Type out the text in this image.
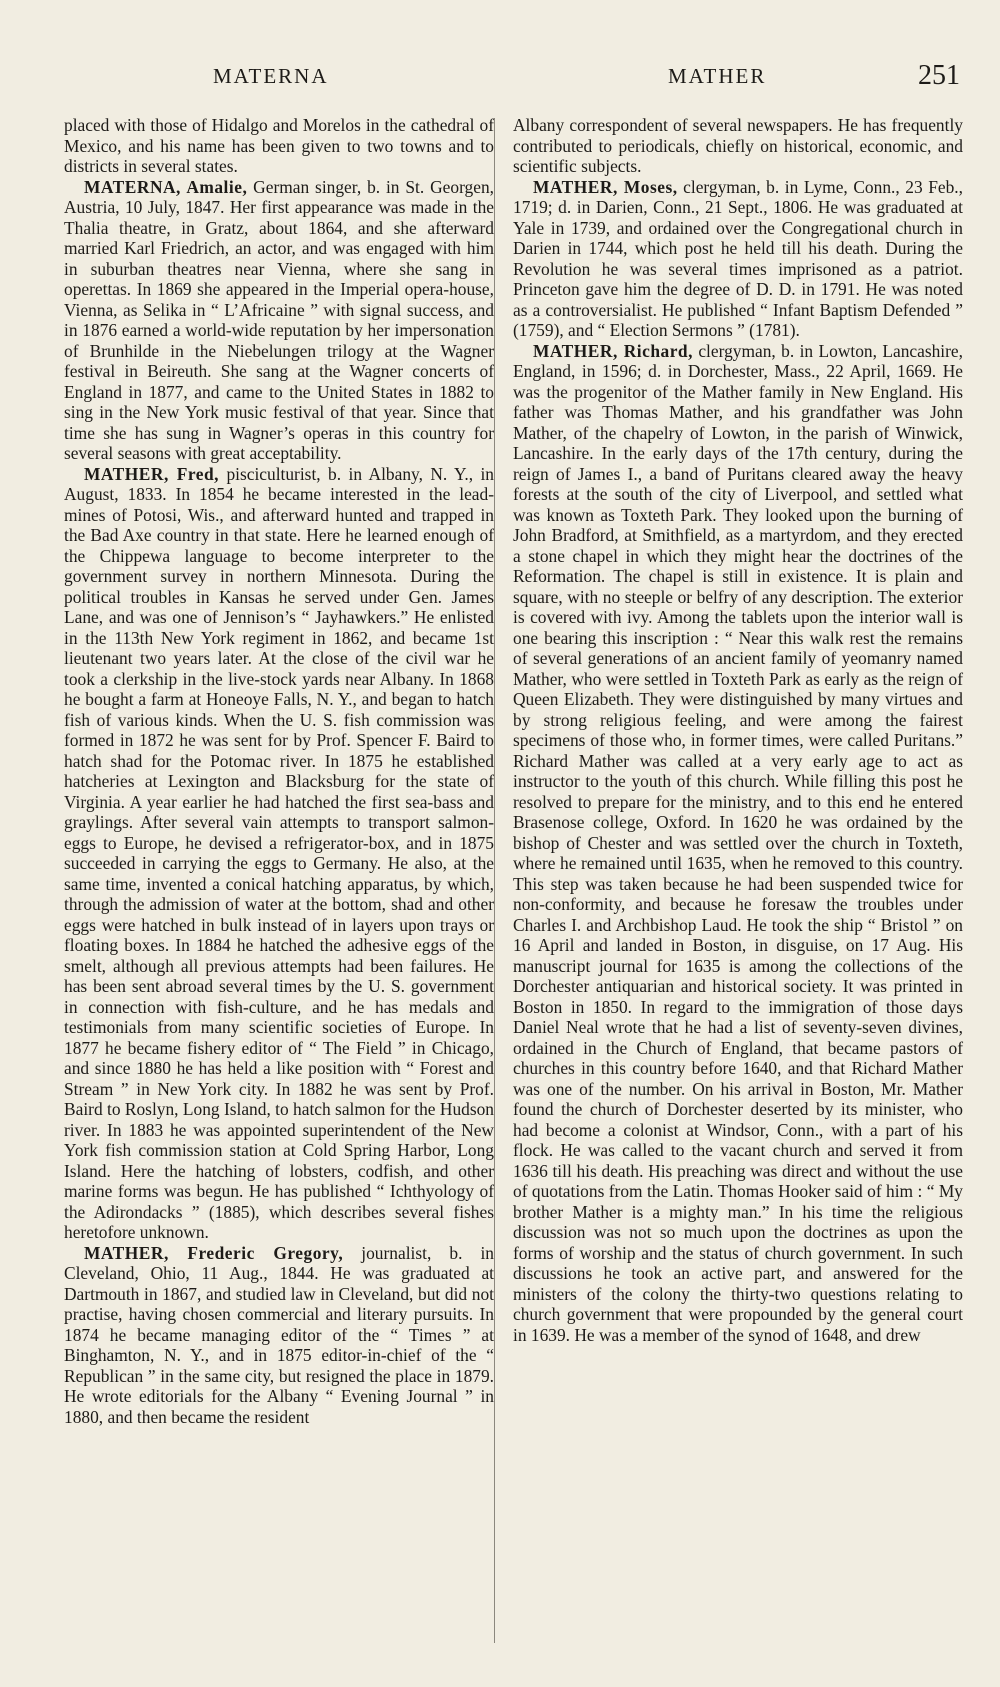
MATERNA	MATHER	251

placed with those of Hidalgo and Morelos in the cathedral of Mexico, and his name has been given to two towns and to districts in several states.

MATERNA, Amalie, German singer, b. in St. Georgen, Austria, 10 July, 1847. Her first appearance was made in the Thalia theatre, in Gratz, about 1864, and she afterward married Karl Friedrich, an actor, and was engaged with him in suburban theatres near Vienna, where she sang in operettas. In 1869 she appeared in the Imperial opera-house, Vienna, as Selika in “ L’Africaine ” with signal success, and in 1876 earned a world-wide reputation by her impersonation of Brunhilde in the Niebelungen trilogy at the Wagner festival in Beireuth. She sang at the Wagner concerts of England in 1877, and came to the United States in 1882 to sing in the New York music festival of that year. Since that time she has sung in Wagner’s operas in this country for several seasons with great acceptability.

MATHER, Fred, pisciculturist, b. in Albany, N. Y., in August, 1833. In 1854 he became interested in the lead-mines of Potosi, Wis., and afterward hunted and trapped in the Bad Axe country in that state. Here he learned enough of the Chippewa language to become interpreter to the government survey in northern Minnesota. During the political troubles in Kansas he served under Gen. James Lane, and was one of Jennison’s “ Jayhawkers.” He enlisted in the 113th New York regiment in 1862, and became 1st lieutenant two years later. At the close of the civil war he took a clerkship in the live-stock yards near Albany. In 1868 he bought a farm at Honeoye Falls, N. Y., and began to hatch fish of various kinds. When the U. S. fish commission was formed in 1872 he was sent for by Prof. Spencer F. Baird to hatch shad for the Potomac river. In 1875 he established hatcheries at Lexington and Blacksburg for the state of Virginia. A year earlier he had hatched the first sea-bass and graylings. After several vain attempts to transport salmon-eggs to Europe, he devised a refrigerator-box, and in 1875 succeeded in carrying the eggs to Germany. He also, at the same time, invented a conical hatching apparatus, by which, through the admission of water at the bottom, shad and other eggs were hatched in bulk instead of in layers upon trays or floating boxes. In 1884 he hatched the adhesive eggs of the smelt, although all previous attempts had been failures. He has been sent abroad several times by the U. S. government in connection with fish-culture, and he has medals and testimonials from many scientific societies of Europe. In 1877 he became fishery editor of “ The Field ” in Chicago, and since 1880 he has held a like position with “ Forest and Stream ” in New York city. In 1882 he was sent by Prof. Baird to Roslyn, Long Island, to hatch salmon for the Hudson river. In 1883 he was appointed superintendent of the New York fish commission station at Cold Spring Harbor, Long Island. Here the hatching of lobsters, codfish, and other marine forms was begun. He has published “ Ichthyology of the Adirondacks ” (1885), which describes several fishes heretofore unknown.

MATHER, Frederic Gregory, journalist, b. in Cleveland, Ohio, 11 Aug., 1844. He was graduated at Dartmouth in 1867, and studied law in Cleveland, but did not practise, having chosen commercial and literary pursuits. In 1874 he became managing editor of the “ Times ” at Binghamton, N. Y., and in 1875 editor-in-chief of the “ Republican ” in the same city, but resigned the place in 1879. He wrote editorials for the Albany “ Evening Journal ” in 1880, and then became the resident

Albany correspondent of several newspapers. He has frequently contributed to periodicals, chiefly on historical, economic, and scientific subjects.

MATHER, Moses, clergyman, b. in Lyme, Conn., 23 Feb., 1719; d. in Darien, Conn., 21 Sept., 1806. He was graduated at Yale in 1739, and ordained over the Congregational church in Darien in 1744, which post he held till his death. During the Revolution he was several times imprisoned as a patriot. Princeton gave him the degree of D. D. in 1791. He was noted as a controversialist. He published “ Infant Baptism Defended ” (1759), and “ Election Sermons ” (1781).

MATHER, Richard, clergyman, b. in Lowton, Lancashire, England, in 1596; d. in Dorchester, Mass., 22 April, 1669. He was the progenitor of the Mather family in New England. His father was Thomas Mather, and his grandfather was John Mather, of the chapelry of Lowton, in the parish of Winwick, Lancashire. In the early days of the 17th century, during the reign of James I., a band of Puritans cleared away the heavy forests at the south of the city of Liverpool, and settled what was known as Toxteth Park. They looked upon the burning of John Bradford, at Smithfield, as a martyrdom, and they erected a stone chapel in which they might hear the doctrines of the Reformation. The chapel is still in existence. It is plain and square, with no steeple or belfry of any description. The exterior is covered with ivy. Among the tablets upon the interior wall is one bearing this inscription : “ Near this walk rest the remains of several generations of an ancient family of yeomanry named Mather, who were settled in Toxteth Park as early as the reign of Queen Elizabeth. They were distinguished by many virtues and by strong religious feeling, and were among the fairest specimens of those who, in former times, were called Puritans.” Richard Mather was called at a very early age to act as instructor to the youth of this church. While filling this post he resolved to prepare for the ministry, and to this end he entered Brasenose college, Oxford. In 1620 he was ordained by the bishop of Chester and was settled over the church in Toxteth, where he remained until 1635, when he removed to this country. This step was taken because he had been suspended twice for non-conformity, and because he foresaw the troubles under Charles I. and Archbishop Laud. He took the ship “ Bristol ” on 16 April and landed in Boston, in disguise, on 17 Aug. His manuscript journal for 1635 is among the collections of the Dorchester antiquarian and historical society. It was printed in Boston in 1850. In regard to the immigration of those days Daniel Neal wrote that he had a list of seventy-seven divines, ordained in the Church of England, that became pastors of churches in this country before 1640, and that Richard Mather was one of the number. On his arrival in Boston, Mr. Mather found the church of Dorchester deserted by its minister, who had become a colonist at Windsor, Conn., with a part of his flock. He was called to the vacant church and served it from 1636 till his death. His preaching was direct and without the use of quotations from the Latin. Thomas Hooker said of him : “ My brother Mather is a mighty man.” In his time the religious discussion was not so much upon the doctrines as upon the forms of worship and the status of church government. In such discussions he took an active part, and answered for the ministers of the colony the thirty-two questions relating to church government that were propounded by the general court in 1639. He was a member of the synod of 1648, and drew
